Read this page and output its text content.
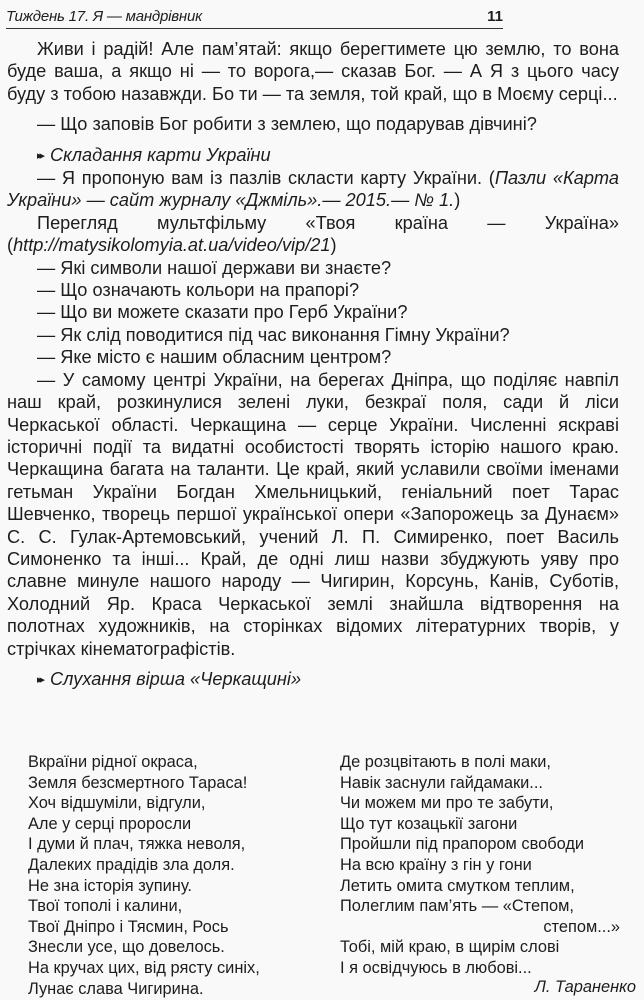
Тиждень 17. Я — мандрівник	11

Живи і радій! Але пам’ятай: якщо берегтимете цю землю, то вона буде ваша, а якщо ні — то ворога,— сказав Бог. — А Я з цього часу буду з тобою назавжди. Бо ти — та земля, той край, що в Моєму серці...

— Що заповів Бог робити з землею, що подарував дівчині?

▸▸ Складання карти України

— Я пропоную вам із пазлів скласти карту України. (Пазли «Карта України» — сайт журналу «Джміль».— 2015.— № 1.)

Перегляд мультфільму «Твоя країна — Україна» (http://matysikolomyia.at.ua/video/vip/21)

— Які символи нашої держави ви знаєте?

— Що означають кольори на прапорі?

— Що ви можете сказати про Герб України?

— Як слід поводитися під час виконання Гімну України?

— Яке місто є нашим обласним центром?

— У самому центрі України, на берегах Дніпра, що поділяє навпіл наш край, розкинулися зелені луки, безкраї поля, сади й ліси Черкаської області. Черкащина — серце України. Численні яскраві історичні події та видатні особистості творять історію нашого краю. Черкащина багата на таланти. Це край, який уславили своїми іменами гетьман України Богдан Хмельницький, геніальний поет Тарас Шевченко, творець першої української опери «Запорожець за Дунаєм» С. С. Гулак-Артемовський, учений Л. П. Симиренко, поет Василь Симоненко та інші... Край, де одні лиш назви збуджують уяву про славне минуле нашого народу — Чигирин, Корсунь, Канів, Суботів, Холодний Яр. Краса Черкаської землі знайшла відтворення на полотнах художників, на сторінках відомих літературних творів, у стрічках кінематографістів.

▸▸ Слухання вірша «Черкащині»

Вкраїни рідної окраса,

Земля безсмертного Тараса!

Хоч відшуміли, відгули,

Але у серці проросли

І думи й плач, тяжка неволя,

Далеких прадідів зла доля.

Не зна історія зупину.

Твої тополі і калини,

Твої Дніпро і Тясмин, Рось

Знесли усе, що довелось.

На кручах цих, від рясту синіх,

Лунає слава Чигирина.

Де розцвітають в полі маки,

Навік заснули гайдамаки...

Чи можем ми про те забути,

Що тут козацькії загони

Пройшли під прапором свободи

На всю країну з гін у гони

Летить омита смутком теплим,

Полеглим пам’ять — «Степом,

степом...»

Тобі, мій краю, в щирім слові

І я освідчуюсь в любові...

Л. Тараненко
